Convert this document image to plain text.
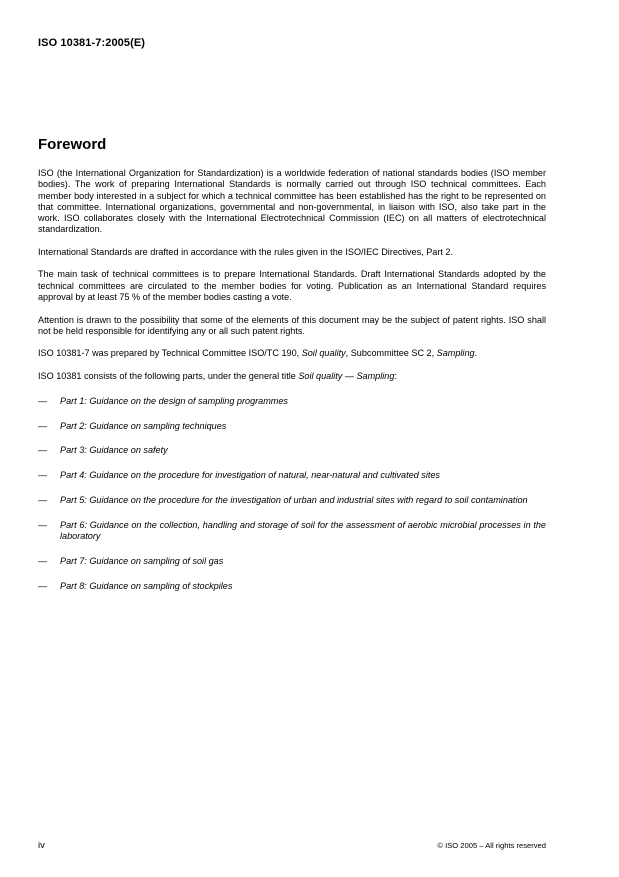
ISO 10381-7:2005(E)
Foreword

ISO (the International Organization for Standardization) is a worldwide federation of national standards bodies (ISO member bodies). The work of preparing International Standards is normally carried out through ISO technical committees. Each member body interested in a subject for which a technical committee has been established has the right to be represented on that committee. International organizations, governmental and non-governmental, in liaison with ISO, also take part in the work. ISO collaborates closely with the International Electrotechnical Commission (IEC) on all matters of electrotechnical standardization.

International Standards are drafted in accordance with the rules given in the ISO/IEC Directives, Part 2.

The main task of technical committees is to prepare International Standards. Draft International Standards adopted by the technical committees are circulated to the member bodies for voting. Publication as an International Standard requires approval by at least 75 % of the member bodies casting a vote.

Attention is drawn to the possibility that some of the elements of this document may be the subject of patent rights. ISO shall not be held responsible for identifying any or all such patent rights.

ISO 10381-7 was prepared by Technical Committee ISO/TC 190, Soil quality, Subcommittee SC 2, Sampling.

ISO 10381 consists of the following parts, under the general title Soil quality — Sampling:

— Part 1: Guidance on the design of sampling programmes
— Part 2: Guidance on sampling techniques
— Part 3: Guidance on safety
— Part 4: Guidance on the procedure for investigation of natural, near-natural and cultivated sites
— Part 5: Guidance on the procedure for the investigation of urban and industrial sites with regard to soil contamination
— Part 6: Guidance on the collection, handling and storage of soil for the assessment of aerobic microbial processes in the laboratory
— Part 7: Guidance on sampling of soil gas
— Part 8: Guidance on sampling of stockpiles
iv	© ISO 2005 – All rights reserved
